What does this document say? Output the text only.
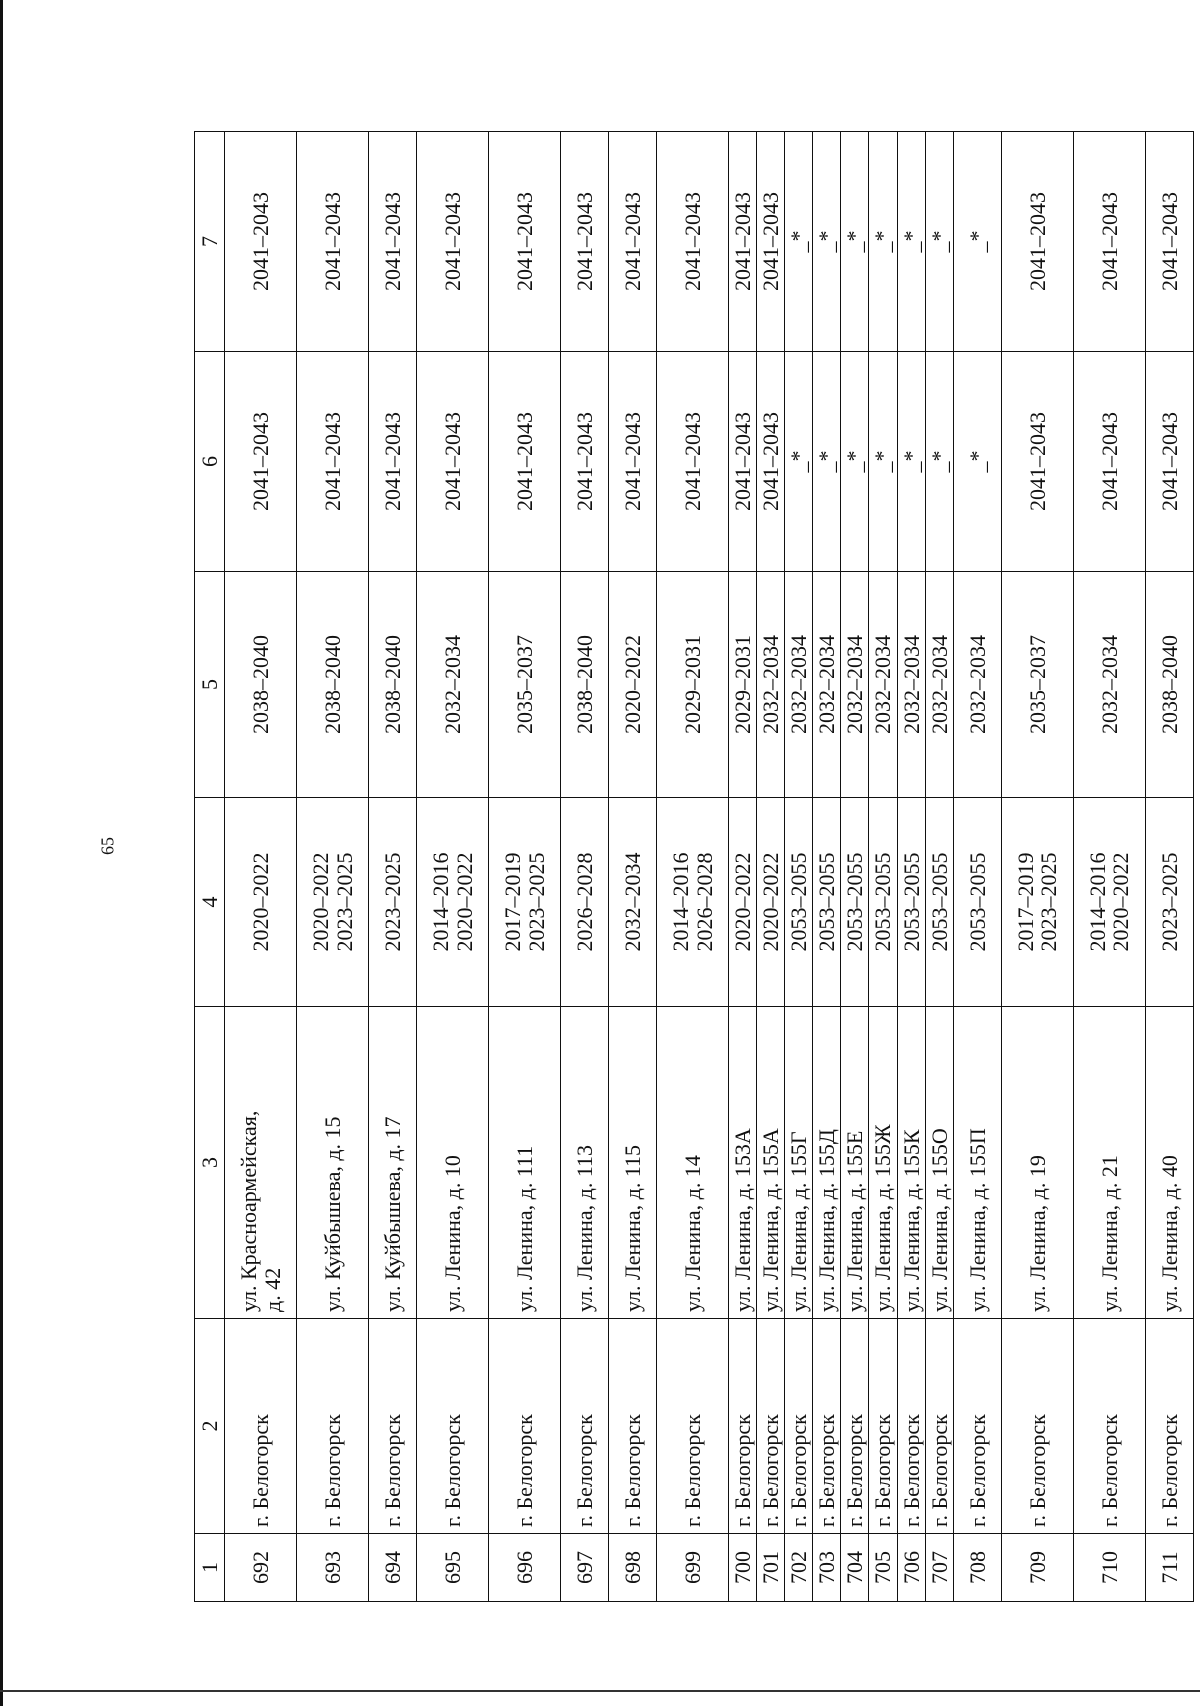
65
1	2	3	4	5	6	7
692	г. Белогорск	ул. Красноармейская,
д. 42	2020–2022	2038–2040	2041–2043	2041–2043
693	г. Белогорск	ул. Куйбышева, д. 15	2020–2022
2023–2025	2038–2040	2041–2043	2041–2043
694	г. Белогорск	ул. Куйбышева, д. 17	2023–2025	2038–2040	2041–2043	2041–2043
695	г. Белогорск	ул. Ленина, д. 10	2014–2016
2020–2022	2032–2034	2041–2043	2041–2043
696	г. Белогорск	ул. Ленина, д. 111	2017–2019
2023–2025	2035–2037	2041–2043	2041–2043
697	г. Белогорск	ул. Ленина, д. 113	2026–2028	2038–2040	2041–2043	2041–2043
698	г. Белогорск	ул. Ленина, д. 115	2032–2034	2020–2022	2041–2043	2041–2043
699	г. Белогорск	ул. Ленина, д. 14	2014–2016
2026–2028	2029–2031	2041–2043	2041–2043
700	г. Белогорск	ул. Ленина, д. 153А	2020–2022	2029–2031	2041–2043	2041–2043
701	г. Белогорск	ул. Ленина, д. 155А	2020–2022	2032–2034	2041–2043	2041–2043
702	г. Белогорск	ул. Ленина, д. 155Г	2053–2055	2032–2034	_*	_*
703	г. Белогорск	ул. Ленина, д. 155Д	2053–2055	2032–2034	_*	_*
704	г. Белогорск	ул. Ленина, д. 155Е	2053–2055	2032–2034	_*	_*
705	г. Белогорск	ул. Ленина, д. 155Ж	2053–2055	2032–2034	_*	_*
706	г. Белогорск	ул. Ленина, д. 155К	2053–2055	2032–2034	_*	_*
707	г. Белогорск	ул. Ленина, д. 155О	2053–2055	2032–2034	_*	_*
708	г. Белогорск	ул. Ленина, д. 155П	2053–2055	2032–2034	_*	_*
709	г. Белогорск	ул. Ленина, д. 19	2017–2019
2023–2025	2035–2037	2041–2043	2041–2043
710	г. Белогорск	ул. Ленина, д. 21	2014–2016
2020–2022	2032–2034	2041–2043	2041–2043
711	г. Белогорск	ул. Ленина, д. 40	2023–2025	2038–2040	2041–2043	2041–2043
